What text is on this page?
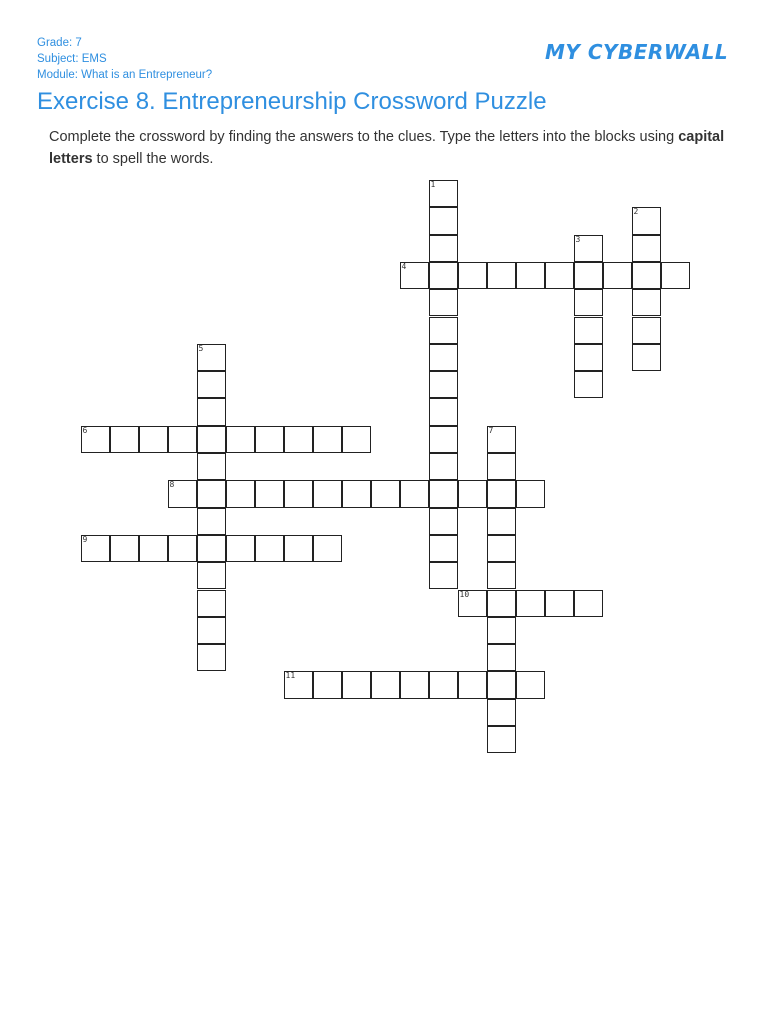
Grade: 7
Subject: EMS
Module: What is an Entrepreneur?
MY CYBERWALL
Exercise 8. Entrepreneurship Crossword Puzzle
Complete the crossword by finding the answers to the clues. Type the letters into the blocks using capital letters to spell the words.
1
2
3
4
5
6	7
8
9
10
11
